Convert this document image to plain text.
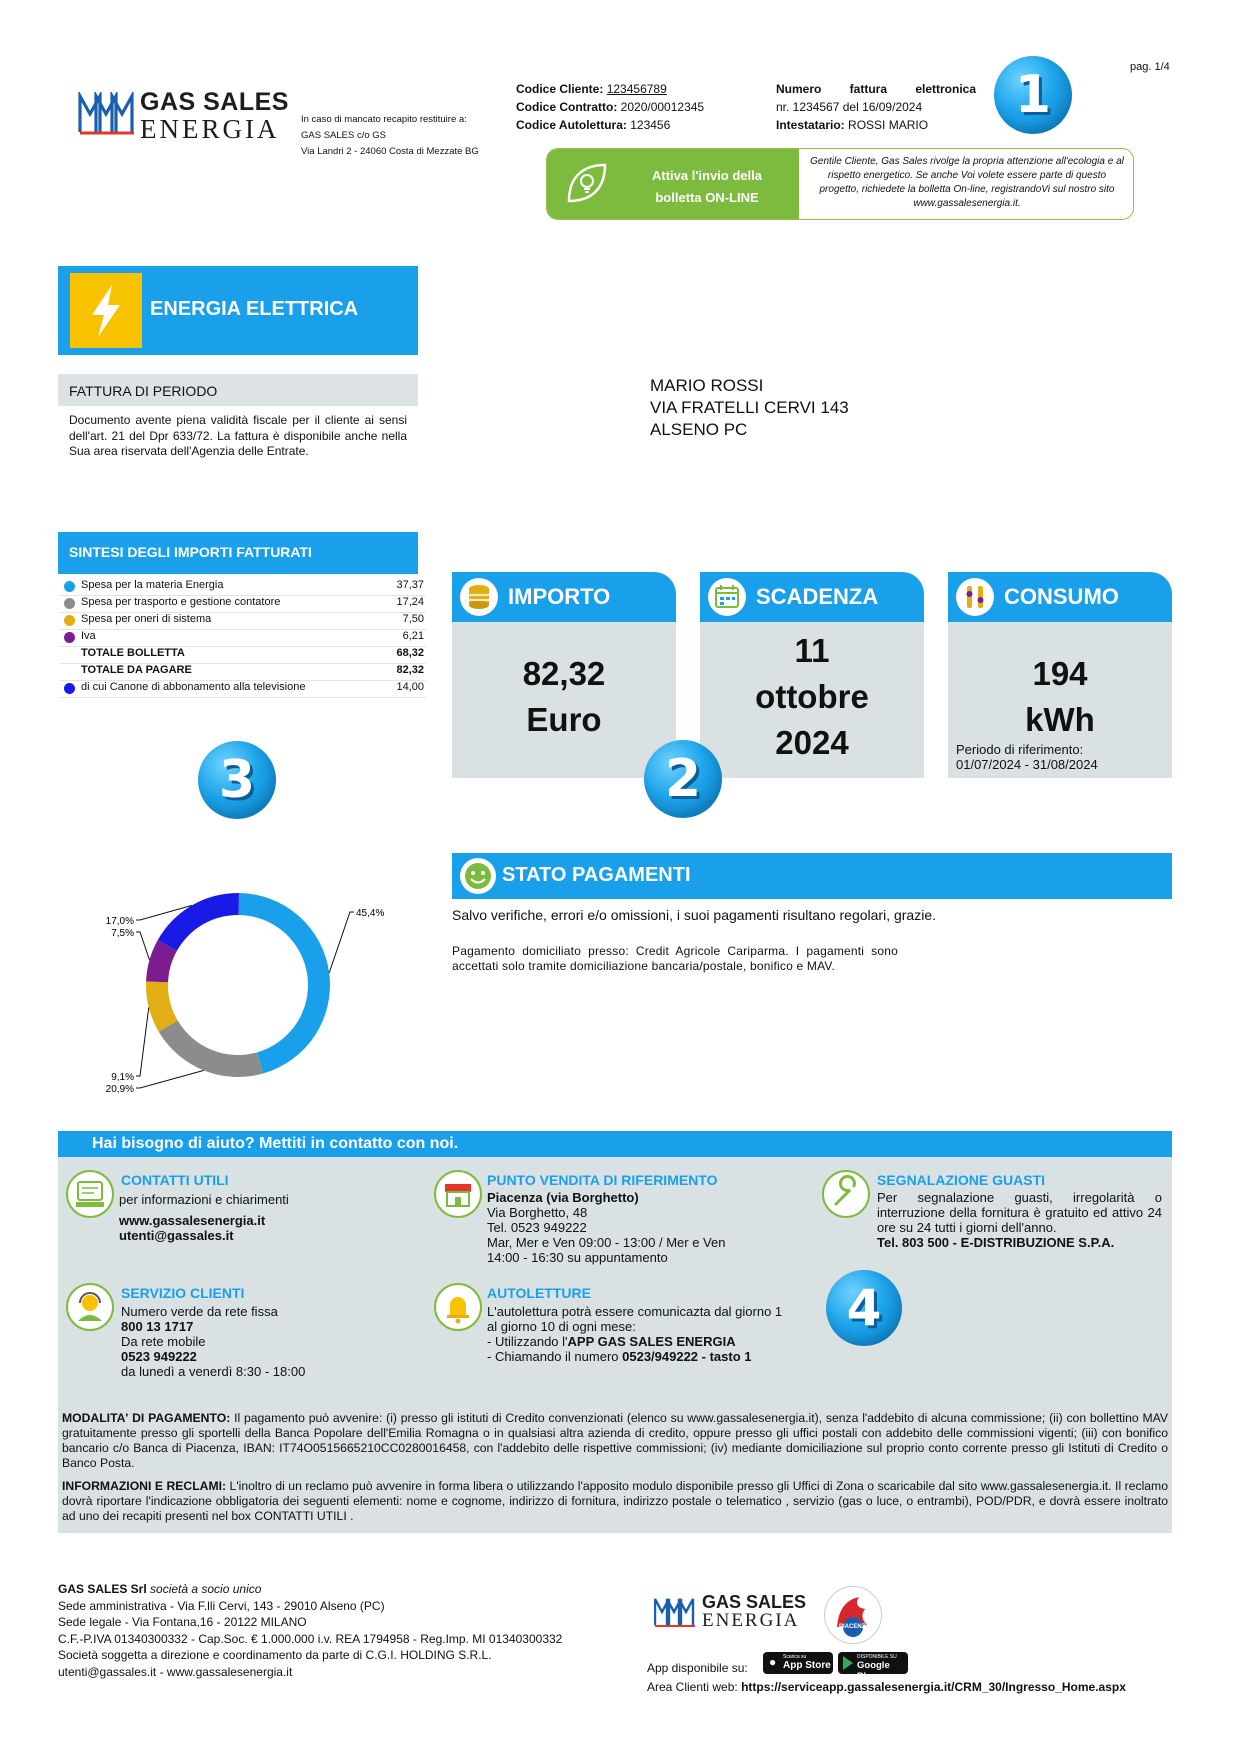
pag. 1/4
GAS SALES
ENERGIA In caso di mancato recapito restituire a:
GAS SALES c/o GS
Via Landri 2 - 24060 Costa di Mezzate BG
Codice Cliente: 123456789
Codice Contratto: 2020/00012345
Codice Autolettura: 123456
Numero fattura elettronica
nr. 1234567 del 16/09/2024
Intestatario: ROSSI MARIO	1
Attiva l'invio della
bolletta ON-LINE
Gentile Cliente, Gas Sales rivolge la propria attenzione all'ecologia e al rispetto energetico. Se anche Voi volete essere parte di questo progetto, richiedete la bolletta On-line, registrandoVi sul nostro sito www.gassalesenergia.it.
ENERGIA ELETTRICA
FATTURA DI PERIODO
Documento avente piena validità fiscale per il cliente ai sensi dell'art. 21 del Dpr 633/72. La fattura è disponibile anche nella Sua area riservata dell'Agenzia delle Entrate.
MARIO ROSSI
VIA FRATELLI CERVI 143
ALSENO PC
SINTESI DEGLI IMPORTI FATTURATI
Spesa per la materia Energia	37,37
Spesa per trasporto e gestione contatore	17,24
Spesa per oneri di sistema	7,50
Iva	6,21
TOTALE BOLLETTA	68,32
TOTALE DA PAGARE	82,32
di cui Canone di abbonamento alla televisione	14,00
3
IMPORTO
82,32
Euro
SCADENZA
11
ottobre
2024
CONSUMO
194
kWh
Periodo di riferimento:
01/07/2024 - 31/08/2024
2
45,4%
20,9%
9,1%
7,5%
17,0%
STATO PAGAMENTI
Salvo verifiche, errori e/o omissioni, i suoi pagamenti risultano regolari, grazie.
Pagamento domiciliato presso: Credit Agricole Cariparma. I pagamenti sono accettati solo tramite domiciliazione bancaria/postale, bonifico e MAV.
Hai bisogno di aiuto? Mettiti in contatto con noi.
CONTATTI UTILI
per informazioni e chiarimenti
www.gassalesenergia.it
utenti@gassales.it
PUNTO VENDITA DI RIFERIMENTO
Piacenza (via Borghetto)
Via Borghetto, 48
Tel. 0523 949222
Mar, Mer e Ven 09:00 - 13:00 / Mer e Ven
14:00 - 16:30 su appuntamento
SEGNALAZIONE GUASTI
Per segnalazione guasti, irregolarità o interruzione della fornitura è gratuito ed attivo 24 ore su 24 tutti i giorni dell'anno.
Tel. 803 500 - E-DISTRIBUZIONE S.P.A.
SERVIZIO CLIENTI
Numero verde da rete fissa
800 13 1717
Da rete mobile
0523 949222
da lunedì a venerdì 8:30 - 18:00
AUTOLETTURE
L'autolettura potrà essere comunicazta dal giorno 1
al giorno 10 di ogni mese:
- Utilizzando l'APP GAS SALES ENERGIA
- Chiamando il numero 0523/949222 - tasto 1
4
MODALITA' DI PAGAMENTO: Il pagamento può avvenire: (i) presso gli istituti di Credito convenzionati (elenco su www.gassalesenergia.it), senza l'addebito di alcuna commissione; (ii) con bollettino MAV gratuitamente presso gli sportelli della Banca Popolare dell'Emilia Romagna o in qualsiasi altra azienda di credito, oppure presso gli uffici postali con addebito delle commissioni vigenti; (iii) con bonifico bancario c/o Banca di Piacenza, IBAN: IT74O0515665210CC0280016458, con l'addebito delle rispettive commissioni; (iv) mediante domiciliazione sul proprio conto corrente presso gli Istituti di Credito o Banco Posta.
INFORMAZIONI E RECLAMI: L'inoltro di un reclamo può avvenire in forma libera o utilizzando l'apposito modulo disponibile presso gli Uffici di Zona o scaricabile dal sito www.gassalesenergia.it. Il reclamo dovrà riportare l'indicazione obbligatoria dei seguenti elementi: nome e cognome, indirizzo di fornitura, indirizzo postale o telematico , servizio (gas o luce, o entrambi), POD/PDR, e dovrà essere inoltrato ad uno dei recapiti presenti nel box CONTATTI UTILI .
GAS SALES Srl società a socio unico
Sede amministrativa - Via F.lli Cervi, 143 - 29010 Alseno (PC)
Sede legale - Via Fontana,16 - 20122 MILANO
C.F.-P.IVA 01340300332 - Cap.Soc. € 1.000.000 i.v. REA 1794958 - Reg.Imp. MI 01340300332
Società soggetta a direzione e coordinamento da parte di C.G.I. HOLDING S.R.L.
utenti@gassales.it - www.gassalesenergia.it
GAS SALES
ENERGIA	PIACENZA
App disponibile su: ● Scarica su
App Store
DISPONIBILE SU
Google Play
Area Clienti web: https://serviceapp.gassalesenergia.it/CRM_30/Ingresso_Home.aspx
